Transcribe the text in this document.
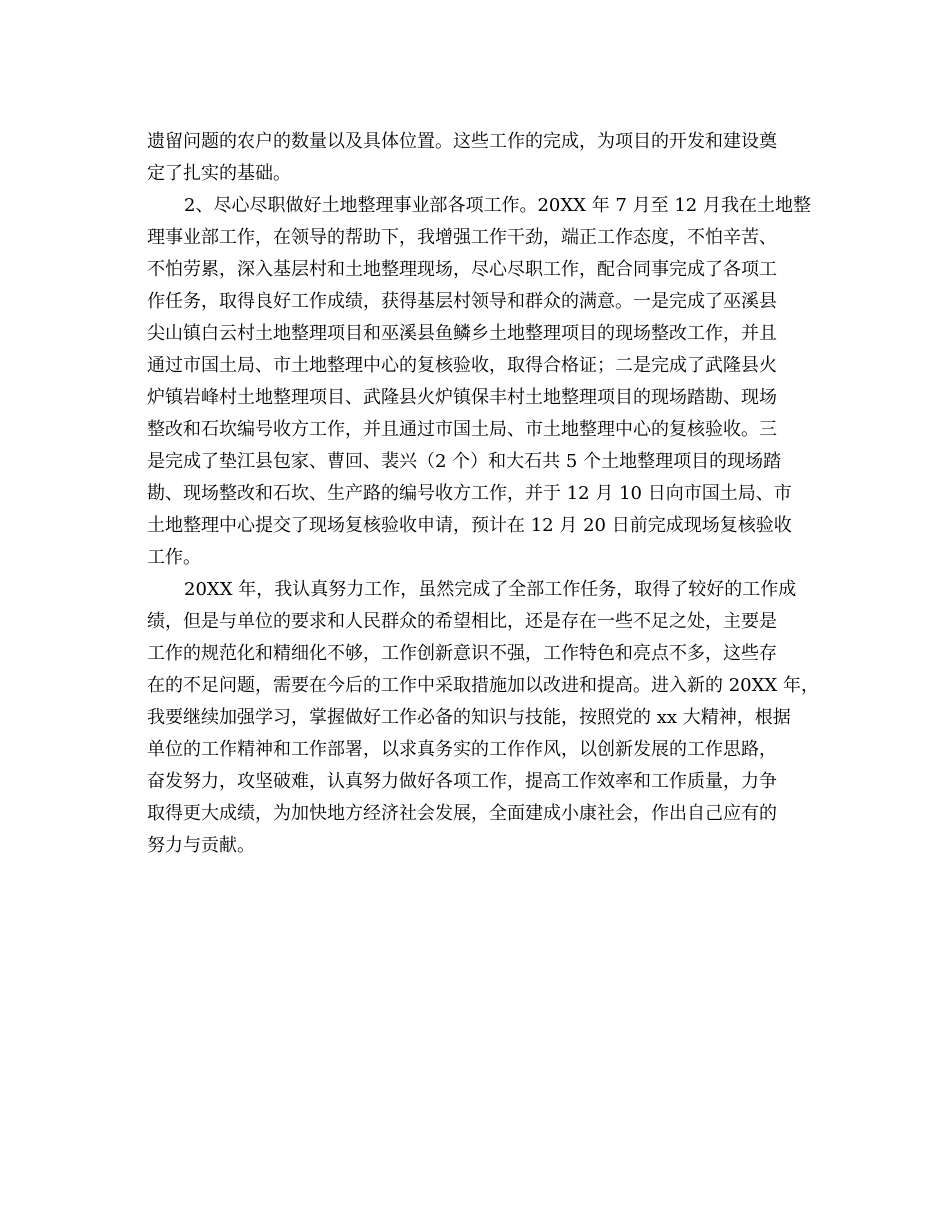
遗留问题的农户的数量以及具体位置。这些工作的完成，为项目的开发和建设奠
定了扎实的基础。
2、尽心尽职做好土地整理事业部各项工作。20XX 年 7 月至 12 月我在土地整
理事业部工作，在领导的帮助下，我增强工作干劲，端正工作态度，不怕辛苦、
不怕劳累，深入基层村和土地整理现场，尽心尽职工作，配合同事完成了各项工
作任务，取得良好工作成绩，获得基层村领导和群众的满意。一是完成了巫溪县
尖山镇白云村土地整理项目和巫溪县鱼鳞乡土地整理项目的现场整改工作，并且
通过市国土局、市土地整理中心的复核验收，取得合格证；二是完成了武隆县火
炉镇岩峰村土地整理项目、武隆县火炉镇保丰村土地整理项目的现场踏勘、现场
整改和石坎编号收方工作，并且通过市国土局、市土地整理中心的复核验收。三
是完成了垫江县包家、曹回、裴兴（2 个）和大石共 5 个土地整理项目的现场踏
勘、现场整改和石坎、生产路的编号收方工作，并于 12 月 10 日向市国土局、市
土地整理中心提交了现场复核验收申请，预计在 12 月 20 日前完成现场复核验收
工作。
20XX 年，我认真努力工作，虽然完成了全部工作任务，取得了较好的工作成
绩，但是与单位的要求和人民群众的希望相比，还是存在一些不足之处，主要是
工作的规范化和精细化不够，工作创新意识不强，工作特色和亮点不多，这些存
在的不足问题，需要在今后的工作中采取措施加以改进和提高。进入新的 20XX 年，
我要继续加强学习，掌握做好工作必备的知识与技能，按照党的 xx 大精神，根据
单位的工作精神和工作部署，以求真务实的工作作风，以创新发展的工作思路，
奋发努力，攻坚破难，认真努力做好各项工作，提高工作效率和工作质量，力争
取得更大成绩，为加快地方经济社会发展，全面建成小康社会，作出自己应有的
努力与贡献。
